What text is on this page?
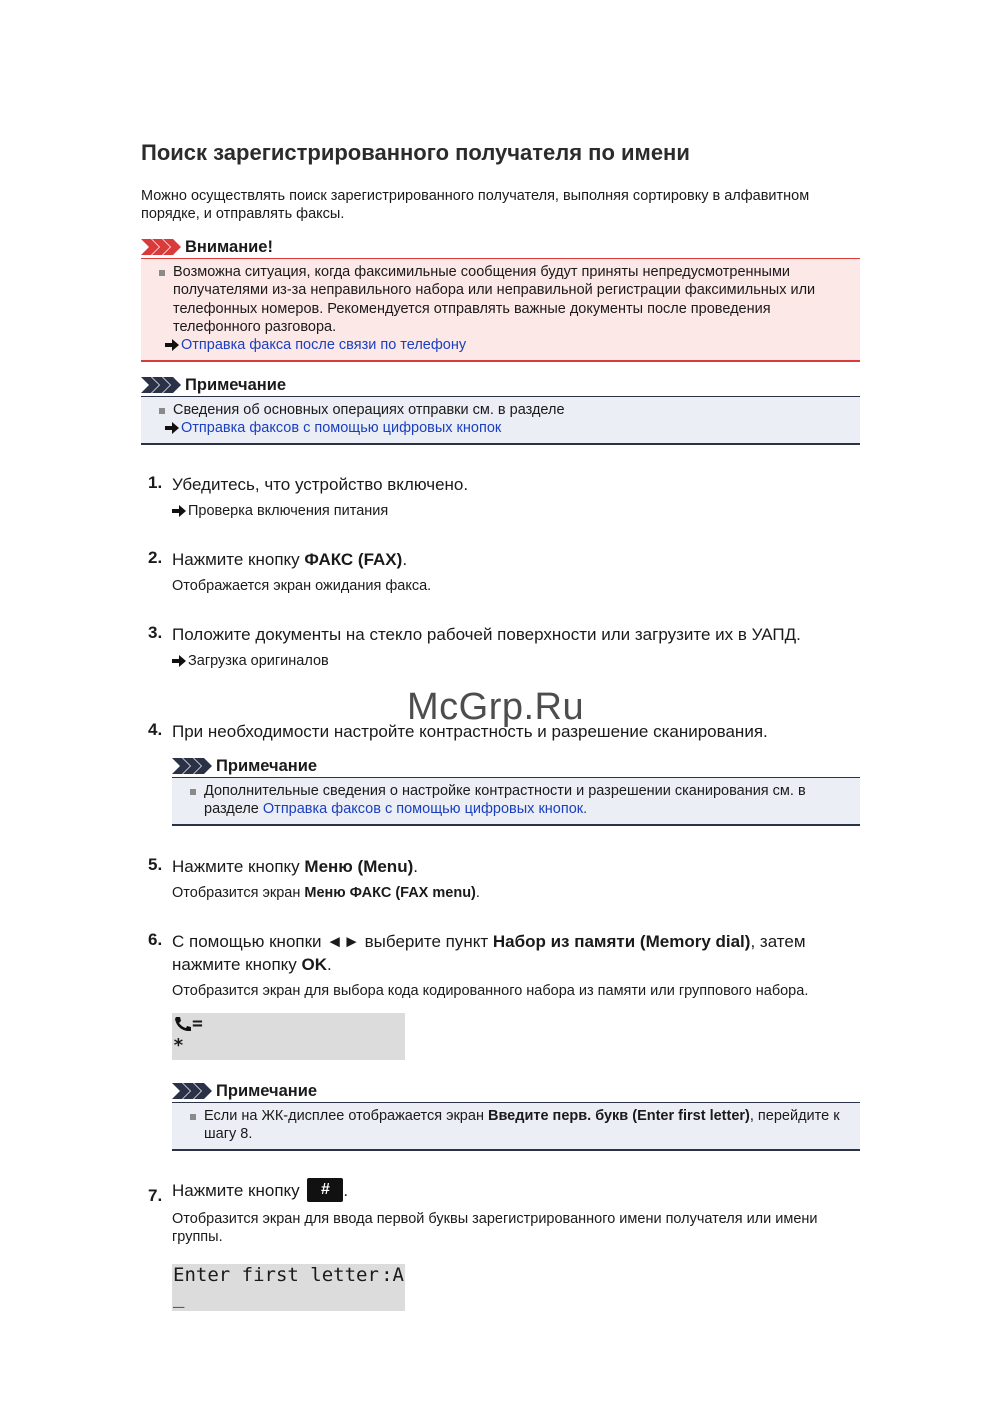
Поиск зарегистрированного получателя по имени

Можно осуществлять поиск зарегистрированного получателя, выполняя сортировку в алфавитном порядке, и отправлять факсы.

Внимание!
Возможна ситуация, когда факсимильные сообщения будут приняты непредусмотренными получателями из-за неправильного набора или неправильной регистрации факсимильных или телефонных номеров. Рекомендуется отправлять важные документы после проведения телефонного разговора.
Отправка факса после связи по телефону
Примечание
Сведения об основных операциях отправки см. в разделе
Отправка факсов с помощью цифровых кнопок
1. Убедитесь, что устройство включено.
Проверка включения питания
2. Нажмите кнопку ФАКС (FAX).
Отображается экран ожидания факса.
3. Положите документы на стекло рабочей поверхности или загрузите их в УАПД.
Загрузка оригиналов
4. При необходимости настройте контрастность и разрешение сканирования.
Примечание
Дополнительные сведения о настройке контрастности и разрешении сканирования см. в разделе Отправка факсов с помощью цифровых кнопок.
5. Нажмите кнопку Меню (Menu).
Отобразится экран Меню ФАКС (FAX menu).
6. С помощью кнопки ◄► выберите пункт Набор из памяти (Memory dial), затем нажмите кнопку OK.
Отобразится экран для выбора кода кодированного набора из памяти или группового набора.
=
*
Примечание
Если на ЖК-дисплее отображается экран Введите перв. букв (Enter first letter), перейдите к шагу 8.
7. Нажмите кнопку # .
Отобразится экран для ввода первой буквы зарегистрированного имени получателя или имени группы.
Enter first letter :A
_
McGrp.Ru
